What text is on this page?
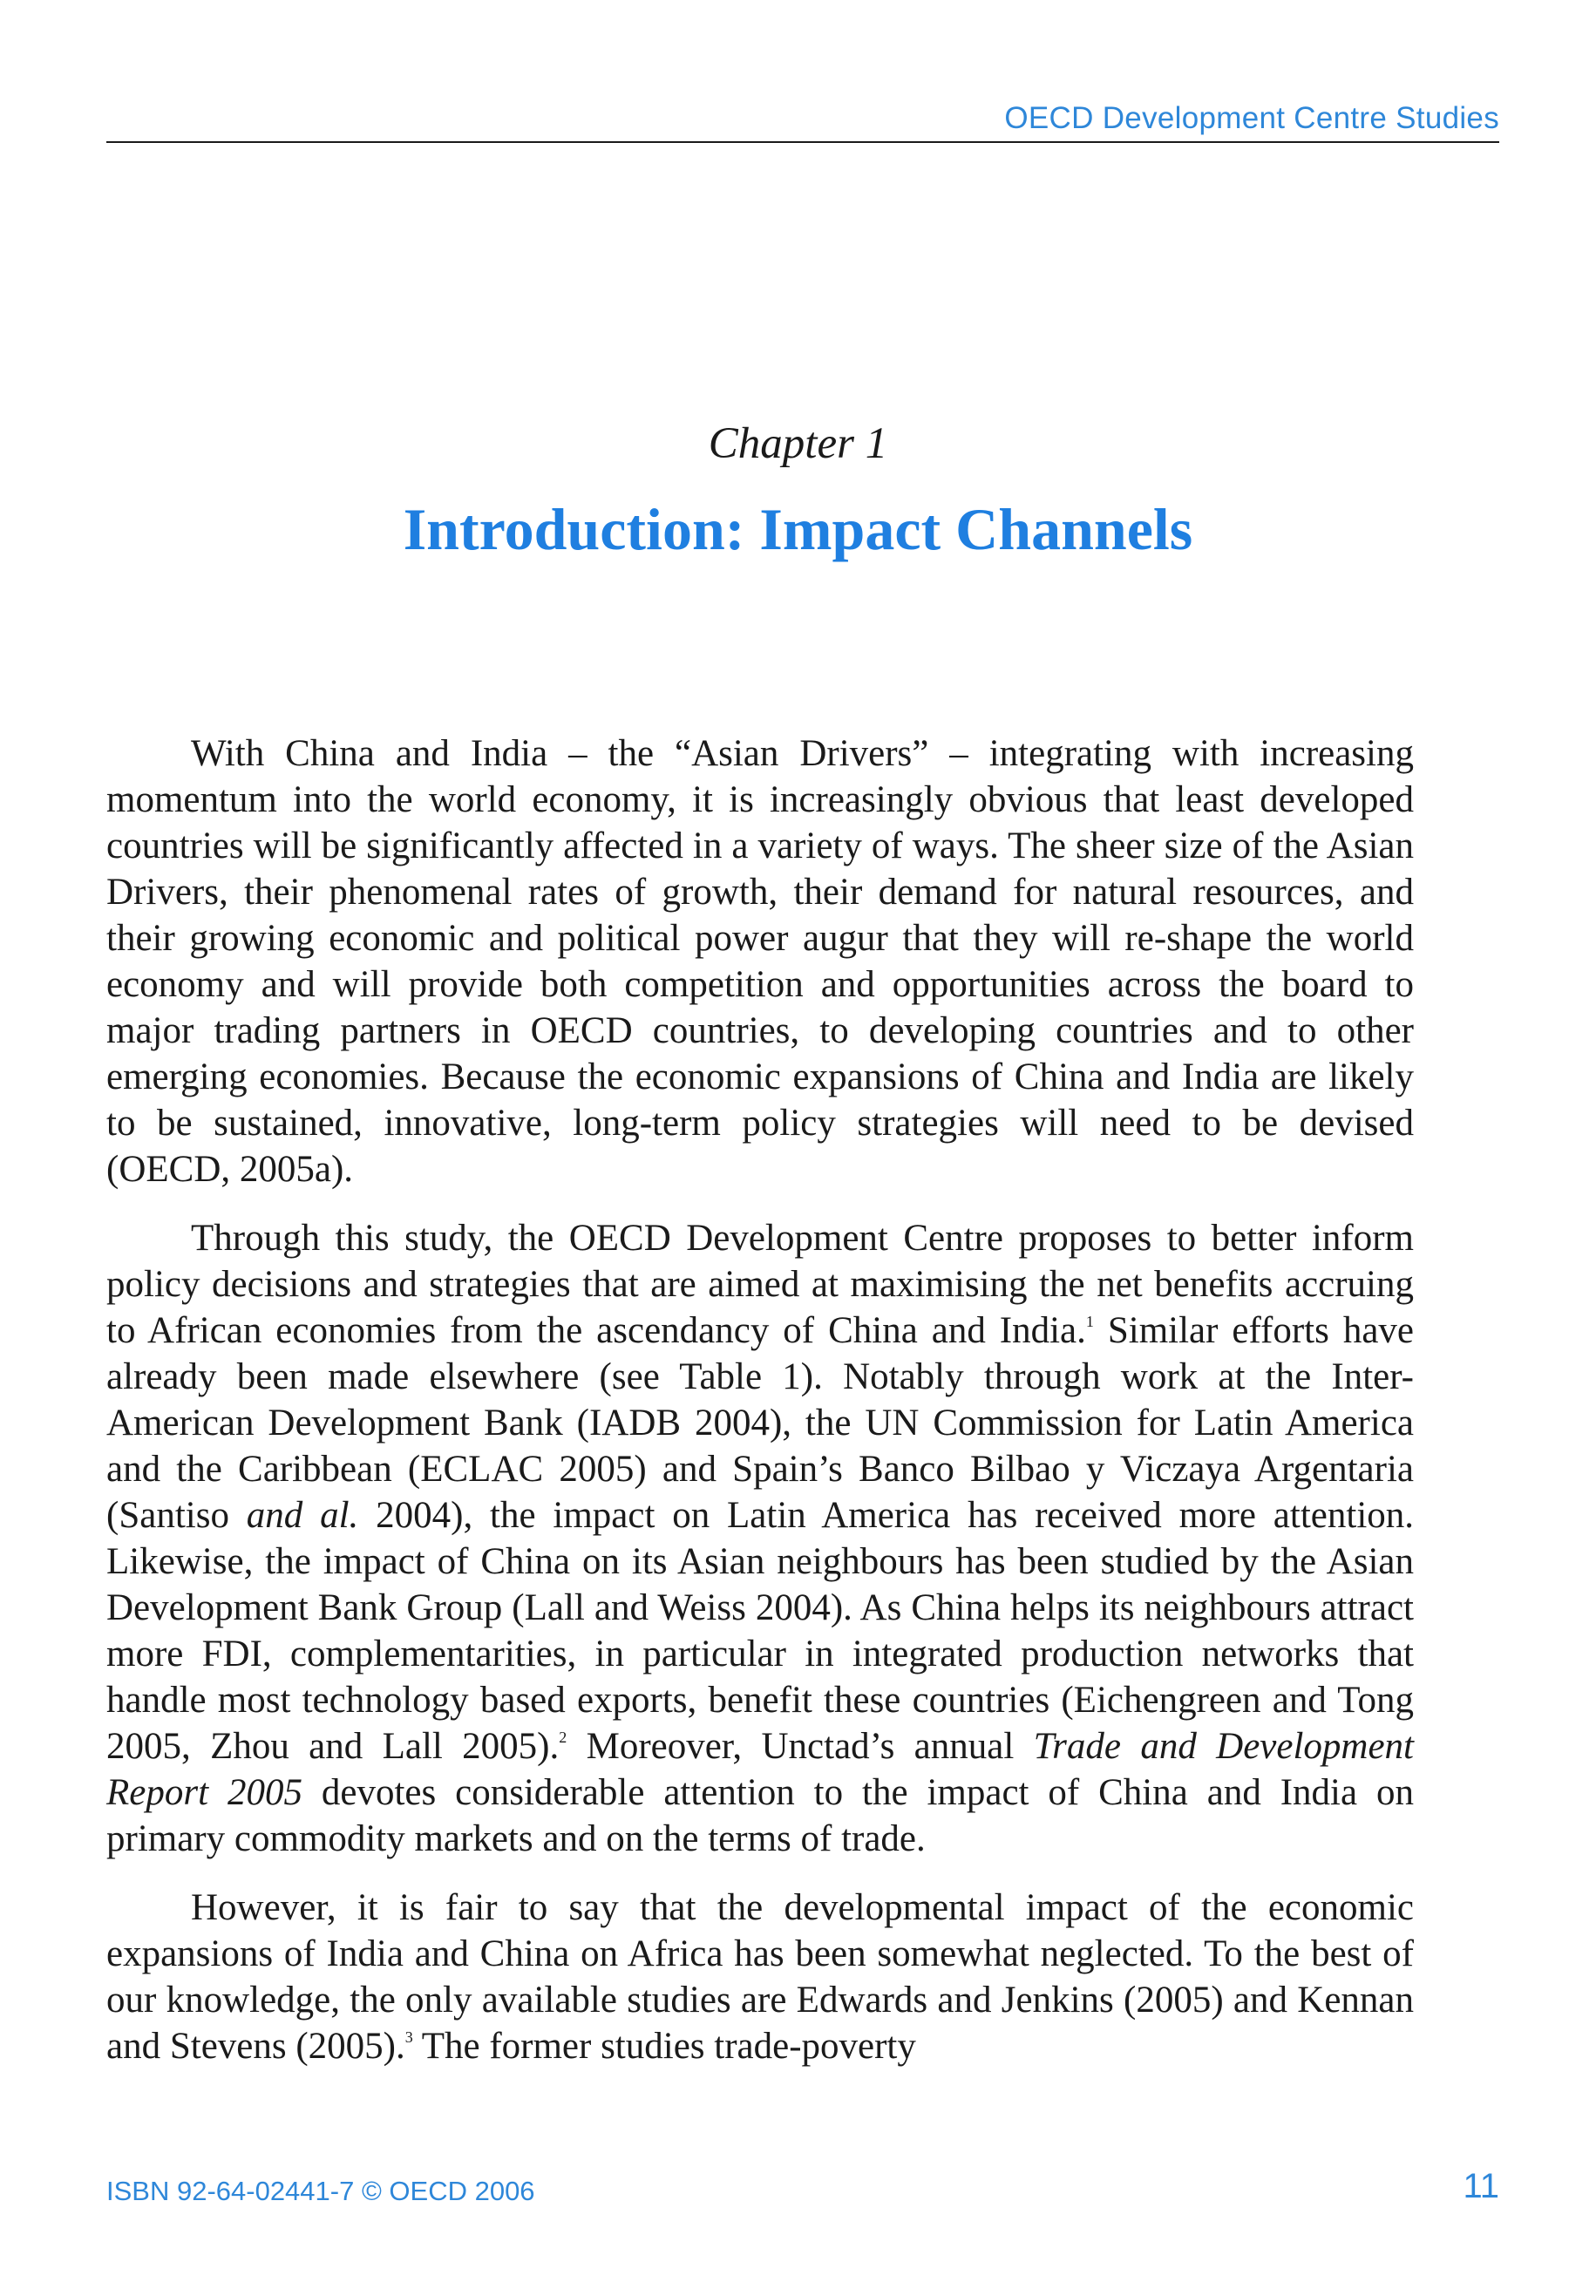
OECD Development Centre Studies
Chapter 1
Introduction: Impact Channels

With China and India – the “Asian Drivers” – integrating with increasing momentum into the world economy, it is increasingly obvious that least developed countries will be significantly affected in a variety of ways. The sheer size of the Asian Drivers, their phenomenal rates of growth, their demand for natural resources, and their growing economic and political power augur that they will re-shape the world economy and will provide both competition and opportunities across the board to major trading partners in OECD countries, to developing countries and to other emerging economies. Because the economic expansions of China and India are likely to be sustained, innovative, long-term policy strategies will need to be devised (OECD, 2005a).

Through this study, the OECD Development Centre proposes to better inform policy decisions and strategies that are aimed at maximising the net benefits accruing to African economies from the ascendancy of China and India.$^1$ Similar efforts have already been made elsewhere (see Table 1). Notably through work at the Inter-American Development Bank (IADB 2004), the UN Commission for Latin America and the Caribbean (ECLAC 2005) and Spain’s Banco Bilbao y Viczaya Argentaria (Santiso and al. 2004), the impact on Latin America has received more attention. Likewise, the impact of China on its Asian neighbours has been studied by the Asian Development Bank Group (Lall and Weiss 2004). As China helps its neighbours attract more FDI, complementarities, in particular in integrated production networks that handle most technology based exports, benefit these countries (Eichengreen and Tong 2005, Zhou and Lall 2005).$^2$ Moreover, Unctad’s annual Trade and Development Report 2005 devotes considerable attention to the impact of China and India on primary commodity markets and on the terms of trade.

However, it is fair to say that the developmental impact of the economic expansions of India and China on Africa has been somewhat neglected. To the best of our knowledge, the only available studies are Edwards and Jenkins (2005) and Kennan and Stevens (2005).$^3$ The former studies trade-poverty

ISBN 92-64-02441-7 © OECD 2006	11
